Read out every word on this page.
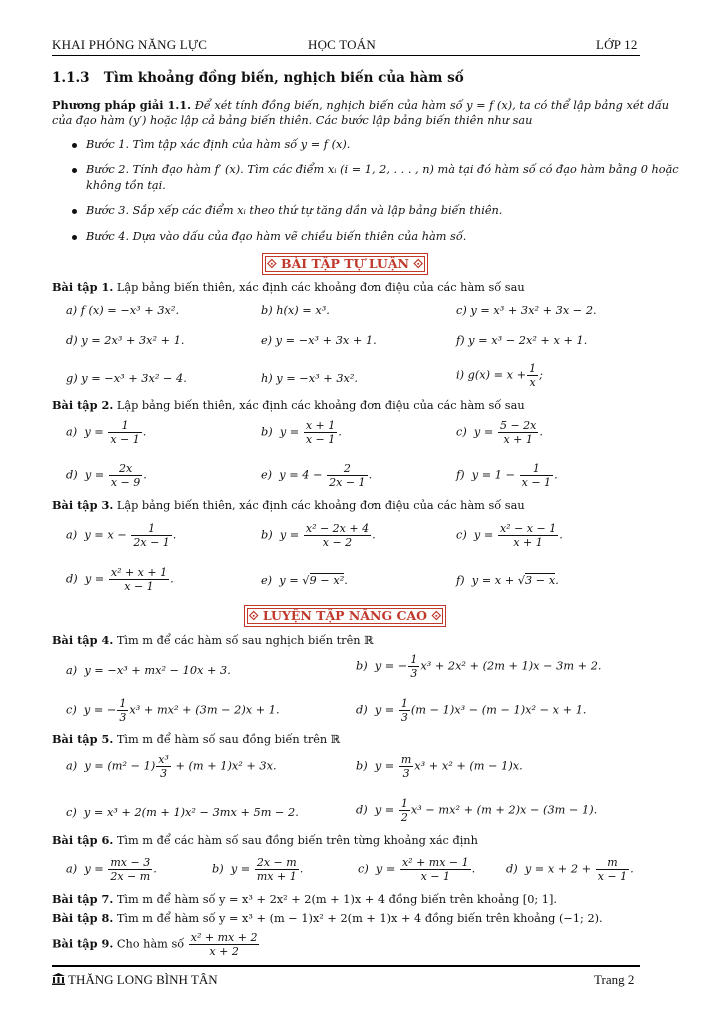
KHAI PHÓNG NĂNG LỰC	HỌC TOÁN	LỚP 12
1.1.3 Tìm khoảng đồng biến, nghịch biến của hàm số
Phương pháp giải 1.1. Để xét tính đồng biến, nghịch biến của hàm số y = f (x), ta có thể lập bảng xét dấu
của đạo hàm (y′) hoặc lập cả bảng biến thiên. Các bước lập bảng biến thiên như sau
Bước 1. Tìm tập xác định của hàm số y = f (x).
Bước 2. Tính đạo hàm f′ (x). Tìm các điểm xᵢ (i = 1, 2, . . . , n) mà tại đó hàm số có đạo hàm bằng 0 hoặc
không tồn tại.
Bước 3. Sắp xếp các điểm xᵢ theo thứ tự tăng dần và lập bảng biến thiên.
Bước 4. Dựa vào dấu của đạo hàm vẽ chiều biến thiên của hàm số.
⟐ BÀI TẬP TỰ LUẬN ⟐
Bài tập 1. Lập bảng biến thiên, xác định các khoảng đơn điệu của các hàm số sau
a) f (x) = −x³ + 3x².	b) h(x) = x³.	c) y = x³ + 3x² + 3x − 2.
d) y = 2x³ + 3x² + 1.	e) y = −x³ + 3x + 1.	f) y = x³ − 2x² + x + 1.
g) y = −x³ + 3x² − 4.	h) y = −x³ + 3x².	i) $g(x) = x + \frac{1}{x}$ ;
Bài tập 2. Lập bảng biến thiên, xác định các khoảng đơn điệu của các hàm số sau
a)  $y = \frac{1}{x - 1}$ .	b)  $y = \frac{x + 1}{x - 1}$ .	c)  $y = \frac{5 - 2x}{x + 1}$ .
d)  $y = \frac{2x}{x - 9}$ .	e)  $y = 4 - \frac{2}{2x - 1}$ .	f)  $y = 1 - \frac{1}{x - 1}$ .
Bài tập 3. Lập bảng biến thiên, xác định các khoảng đơn điệu của các hàm số sau
a)  $y = x - \frac{1}{2x - 1}$ .	b)  $y = \frac{\text{x² − 2x + 4}}{x - 2}$ .	c)  $y = \frac{\text{x² − x − 1}}{x + 1}$ .
d)  $y = \frac{\text{x² + x + 1}}{x - 1}$ .	e)  y = √9 − x².	f)  y = x + √3 − x.
⟐ LUYỆN TẬP NÂNG CAO ⟐
Bài tập 4. Tìm m để các hàm số sau nghịch biến trên ℝ
a)  y = −x³ + mx² − 10x + 3.	b)  y = − $\frac{1}{3} x^3 + 2x^2 + (2m + 1)x - 3m + 2$.
c)  y = − $\frac{1}{3} x^3 + mx^2 + (3m - 2)x + 1$.	d)  $y = \frac{1}{3} (m - 1)x^3 - (m - 1)x^2 - x + 1$.
Bài tập 5. Tìm m để hàm số sau đồng biến trên ℝ
a)  $y = (m^2 - 1) \frac{\text{x³}}{3} + (m + 1)x^2 + 3x$.	b)  $y = \frac{m}{3} x^3 + x^2 + (m - 1)x$.
c)  y = x³ + 2(m + 1)x² − 3mx + 5m − 2.	d)  $y = \frac{1}{2} x^3 - mx^2 + (m + 2)x - (3m - 1)$.
Bài tập 6. Tìm m để các hàm số sau đồng biến trên từng khoảng xác định
a)  $y = \frac{mx - 3}{2x - m}$ .	b)  $y = \frac{2x - m}{mx + 1}$ .	c)  $y = \frac{\text{x² + mx − 1}}{x - 1}$ .	d)  $y = x + 2 + \frac{m}{x - 1}$ .
Bài tập 7. Tìm m để hàm số y = x³ + 2x² + 2(m + 1)x + 4 đồng biến trên khoảng [0; 1].
Bài tập 8. Tìm m để hàm số y = x³ + (m − 1)x² + 2(m + 1)x + 4 đồng biến trên khoảng (−1; 2).
Bài tập 9. Cho hàm số $\frac{\text{x² + mx + 2}}{x + 2}$
THĂNG LONG BÌNH TÂN	Trang 2
